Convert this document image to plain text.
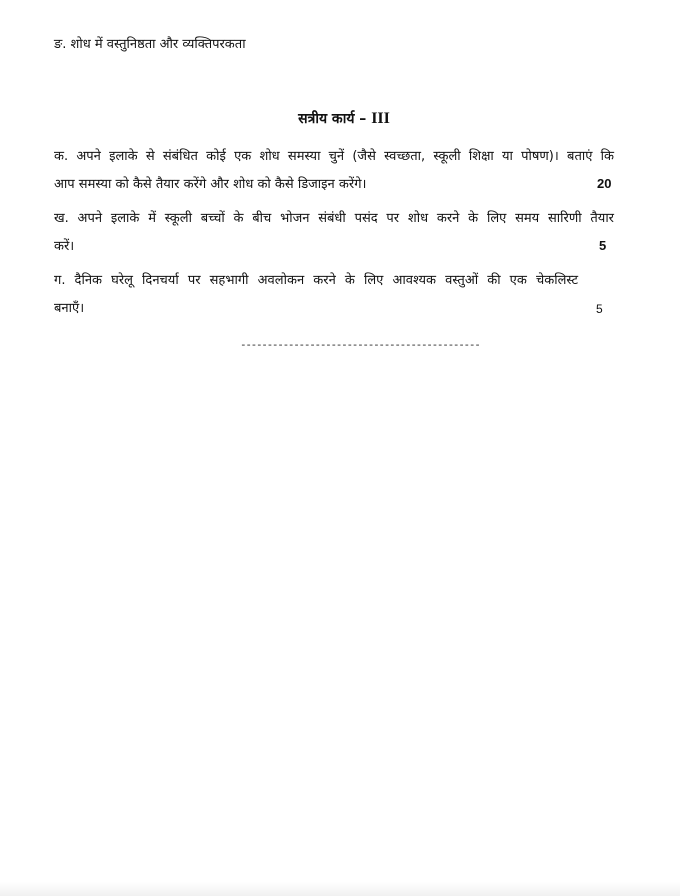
ङ. शोध में वस्तुनिष्ठता और व्यक्तिपरकता
सत्रीय कार्य – III
क. अपने इलाके से संबंधित कोई एक शोध समस्या चुनें (जैसे स्वच्छता, स्कूली शिक्षा या पोषण)। बताएं कि
आप समस्या को कैसे तैयार करेंगे और शोध को कैसे डिजाइन करेंगे।	20
ख. अपने इलाके में स्कूली बच्चों के बीच भोजन संबंधी पसंद पर शोध करने के लिए समय सारिणी तैयार
करें।	5
ग. दैनिक घरेलू दिनचर्या पर सहभागी अवलोकन करने के लिए आवश्यक वस्तुओं की एक चेकलिस्ट
बनाएँ।	5
---------------------------------------------
